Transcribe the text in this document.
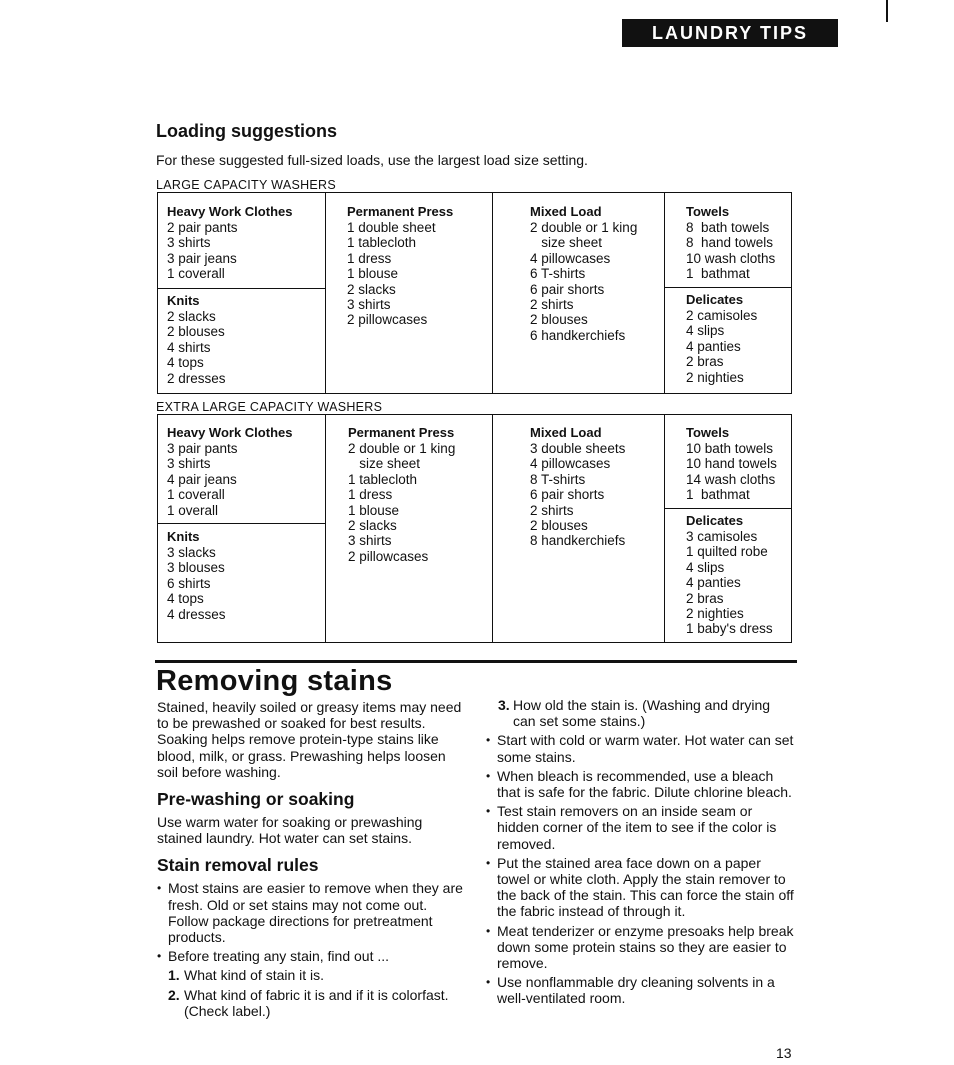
LAUNDRY TIPS
Loading suggestions

For these suggested full-sized loads, use the largest load size setting.

LARGE CAPACITY WASHERS

Heavy Work Clothes
2 pair pants
3 shirts
3 pair jeans
1 coverall
Knits
2 slacks
2 blouses
4 shirts
4 tops
2 dresses
Permanent Press
1 double sheet
1 tablecloth
1 dress
1 blouse
2 slacks
3 shirts
2 pillowcases
Mixed Load
2 double or 1 king
size sheet
4 pillowcases
6 T-shirts
6 pair shorts
2 shirts
2 blouses
6 handkerchiefs
Towels
8  bath towels
8  hand towels
10 wash cloths
1  bathmat
Delicates
2 camisoles
4 slips
4 panties
2 bras
2 nighties

EXTRA LARGE CAPACITY WASHERS

Heavy Work Clothes
3 pair pants
3 shirts
4 pair jeans
1 coverall
1 overall
Knits
3 slacks
3 blouses
6 shirts
4 tops
4 dresses
Permanent Press
2 double or 1 king
size sheet
1 tablecloth
1 dress
1 blouse
2 slacks
3 shirts
2 pillowcases
Mixed Load
3 double sheets
4 pillowcases
8 T-shirts
6 pair shorts
2 shirts
2 blouses
8 handkerchiefs
Towels
10 bath towels
10 hand towels
14 wash cloths
1  bathmat
Delicates
3 camisoles
1 quilted robe
4 slips
4 panties
2 bras
2 nighties
1 baby's dress
Removing stains

Stained, heavily soiled or greasy items may need to be prewashed or soaked for best results. Soaking helps remove protein-type stains like blood, milk, or grass. Prewashing helps loosen soil before washing.

Pre-washing or soaking

Use warm water for soaking or prewashing stained laundry. Hot water can set stains.

Stain removal rules
• Most stains are easier to remove when they are fresh. Old or set stains may not come out. Follow package directions for pretreatment products.
• Before treating any stain, find out ...
1. What kind of stain it is.
2. What kind of fabric it is and if it is colorfast. (Check label.)
3. How old the stain is. (Washing and drying can set some stains.)
• Start with cold or warm water. Hot water can set some stains.
• When bleach is recommended, use a bleach that is safe for the fabric. Dilute chlorine bleach.
• Test stain removers on an inside seam or hidden corner of the item to see if the color is removed.
• Put the stained area face down on a paper towel or white cloth. Apply the stain remover to the back of the stain. This can force the stain off the fabric instead of through it.
• Meat tenderizer or enzyme presoaks help break down some protein stains so they are easier to remove.
• Use nonflammable dry cleaning solvents in a well-ventilated room.
13
